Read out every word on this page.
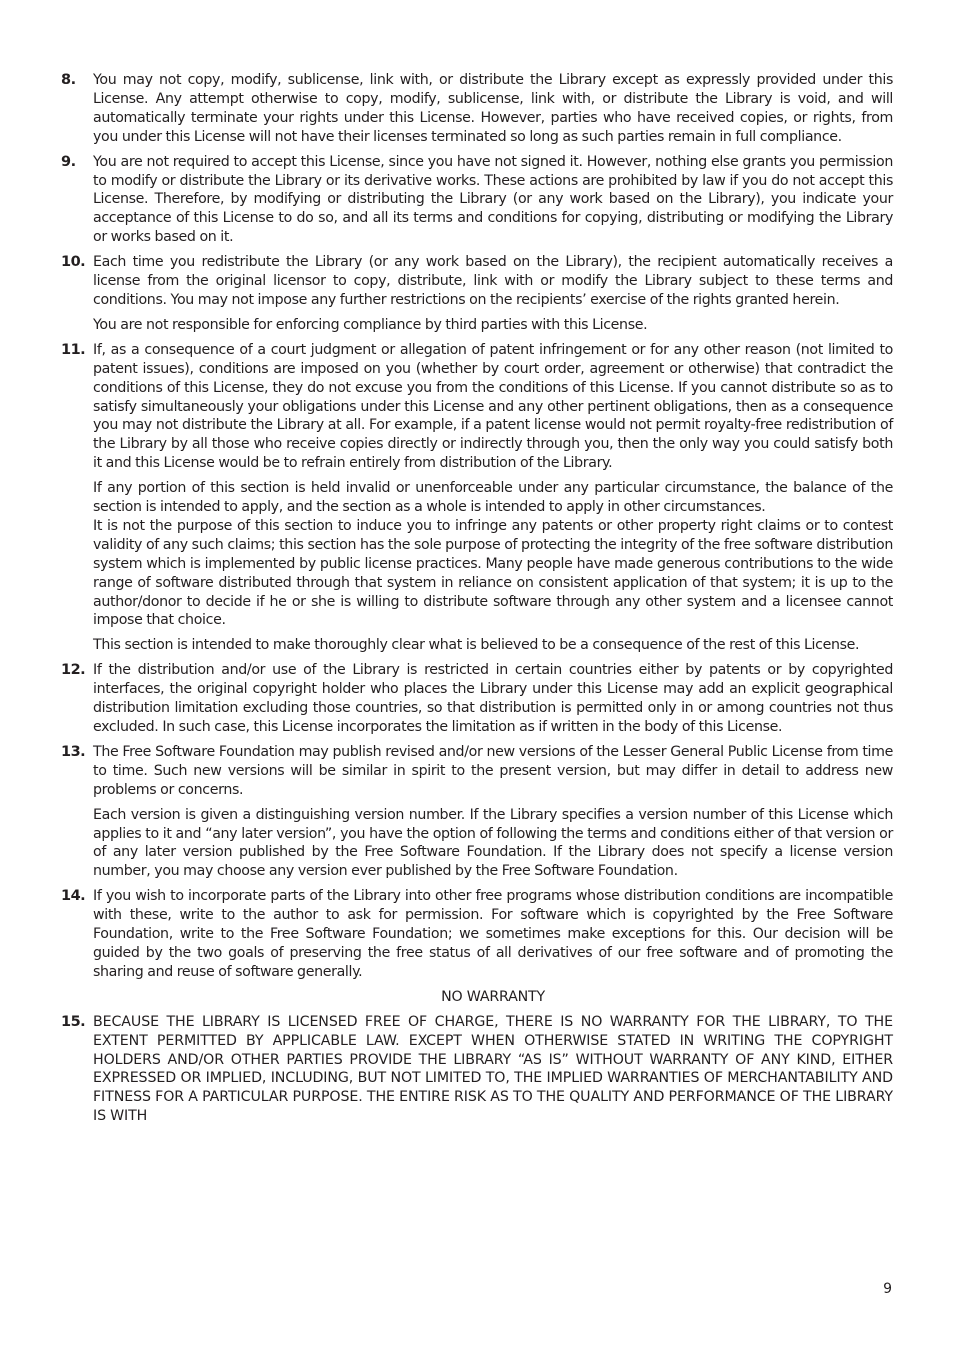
8. You may not copy, modify, sublicense, link with, or distribute the Library except as expressly provided under this License. Any attempt otherwise to copy, modify, sublicense, link with, or distribute the Library is void, and will automatically terminate your rights under this License. However, parties who have received copies, or rights, from you under this License will not have their licenses terminated so long as such parties remain in full compliance.

9. You are not required to accept this License, since you have not signed it. However, nothing else grants you permission to modify or distribute the Library or its derivative works. These actions are prohibited by law if you do not accept this License. Therefore, by modifying or distributing the Library (or any work based on the Library), you indicate your acceptance of this License to do so, and all its terms and conditions for copying, distributing or modifying the Library or works based on it.

10. Each time you redistribute the Library (or any work based on the Library), the recipient automatically receives a license from the original licensor to copy, distribute, link with or modify the Library subject to these terms and conditions. You may not impose any further restrictions on the recipients’ exercise of the rights granted herein.

You are not responsible for enforcing compliance by third parties with this License.

11. If, as a consequence of a court judgment or allegation of patent infringement or for any other reason (not limited to patent issues), conditions are imposed on you (whether by court order, agreement or otherwise) that contradict the conditions of this License, they do not excuse you from the conditions of this License. If you cannot distribute so as to satisfy simultaneously your obligations under this License and any other pertinent obligations, then as a consequence you may not distribute the Library at all. For example, if a patent license would not permit royalty-free redistribution of the Library by all those who receive copies directly or indirectly through you, then the only way you could satisfy both it and this License would be to refrain entirely from distribution of the Library.

If any portion of this section is held invalid or unenforceable under any particular circumstance, the balance of the section is intended to apply, and the section as a whole is intended to apply in other circumstances.

It is not the purpose of this section to induce you to infringe any patents or other property right claims or to contest validity of any such claims; this section has the sole purpose of protecting the integrity of the free software distribution system which is implemented by public license practices. Many people have made generous contributions to the wide range of software distributed through that system in reliance on consistent application of that system; it is up to the author/donor to decide if he or she is willing to distribute software through any other system and a licensee cannot impose that choice.

This section is intended to make thoroughly clear what is believed to be a consequence of the rest of this License.

12. If the distribution and/or use of the Library is restricted in certain countries either by patents or by copyrighted interfaces, the original copyright holder who places the Library under this License may add an explicit geographical distribution limitation excluding those countries, so that distribution is permitted only in or among countries not thus excluded. In such case, this License incorporates the limitation as if written in the body of this License.

13. The Free Software Foundation may publish revised and/or new versions of the Lesser General Public License from time to time. Such new versions will be similar in spirit to the present version, but may differ in detail to address new problems or concerns.

Each version is given a distinguishing version number. If the Library specifies a version number of this License which applies to it and “any later version”, you have the option of following the terms and conditions either of that version or of any later version published by the Free Software Foundation. If the Library does not specify a license version number, you may choose any version ever published by the Free Software Foundation.

14. If you wish to incorporate parts of the Library into other free programs whose distribution conditions are incompatible with these, write to the author to ask for permission. For software which is copyrighted by the Free Software Foundation, write to the Free Software Foundation; we sometimes make exceptions for this. Our decision will be guided by the two goals of preserving the free status of all derivatives of our free software and of promoting the sharing and reuse of software generally.

NO WARRANTY
15. BECAUSE THE LIBRARY IS LICENSED FREE OF CHARGE, THERE IS NO WARRANTY FOR THE LIBRARY, TO THE EXTENT PERMITTED BY APPLICABLE LAW. EXCEPT WHEN OTHERWISE STATED IN WRITING THE COPYRIGHT HOLDERS AND/OR OTHER PARTIES PROVIDE THE LIBRARY “AS IS” WITHOUT WARRANTY OF ANY KIND, EITHER EXPRESSED OR IMPLIED, INCLUDING, BUT NOT LIMITED TO, THE IMPLIED WARRANTIES OF MERCHANTABILITY AND FITNESS FOR A PARTICULAR PURPOSE. THE ENTIRE RISK AS TO THE QUALITY AND PERFORMANCE OF THE LIBRARY IS WITH

9
